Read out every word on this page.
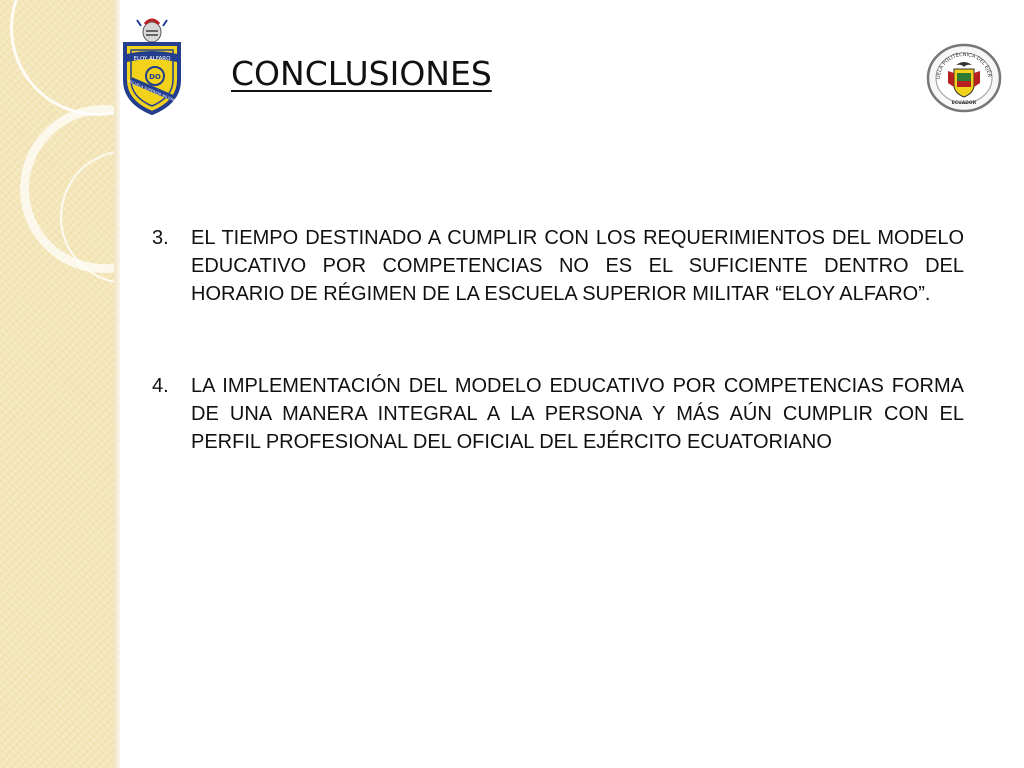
ELOY ALFARO
DO
ESCUELA SUPERIOR MILITAR
UELA POLITÉCNICA DEL EJÉR
ECUADOR
CONCLUSIONES
3. EL TIEMPO DESTINADO A CUMPLIR CON LOS REQUERIMIENTOS DEL MODELO EDUCATIVO POR COMPETENCIAS NO ES EL SUFICIENTE DENTRO DEL HORARIO DE RÉGIMEN DE LA ESCUELA SUPERIOR MILITAR “ELOY ALFARO”.
4. LA IMPLEMENTACIÓN DEL MODELO EDUCATIVO POR COMPETENCIAS FORMA DE UNA MANERA INTEGRAL A LA PERSONA Y MÁS AÚN CUMPLIR CON EL PERFIL PROFESIONAL DEL OFICIAL DEL EJÉRCITO ECUATORIANO
